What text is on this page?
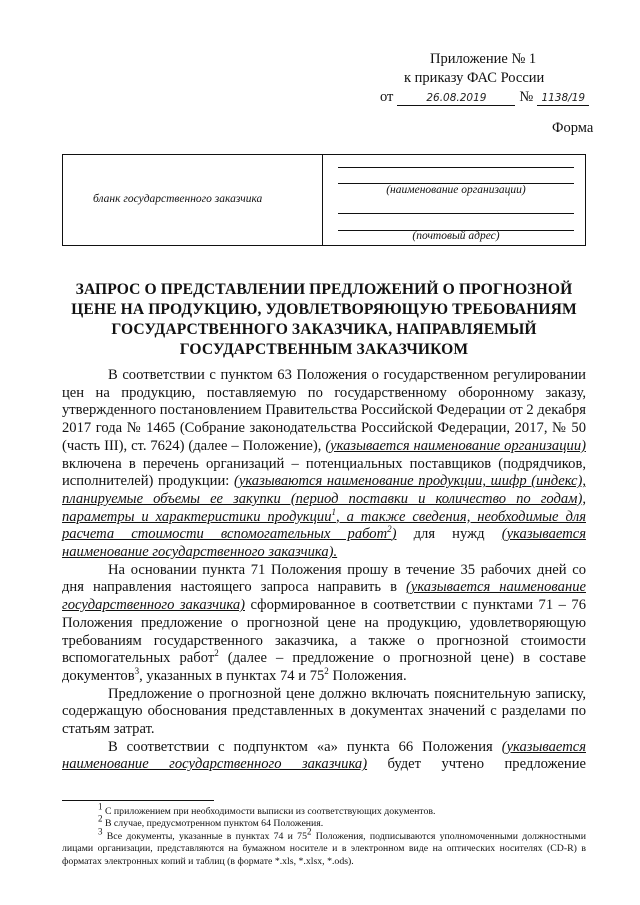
Приложение № 1
к приказу ФАС России
от	26.08.2019 № 1138/19
Форма
бланк государственного заказчика
(наименование организации)
(почтовый адрес)
ЗАПРОС О ПРЕДСТАВЛЕНИИ ПРЕДЛОЖЕНИЙ О ПРОГНОЗНОЙ
ЦЕНЕ НА ПРОДУКЦИЮ, УДОВЛЕТВОРЯЮЩУЮ ТРЕБОВАНИЯМ
ГОСУДАРСТВЕННОГО ЗАКАЗЧИКА, НАПРАВЛЯЕМЫЙ
ГОСУДАРСТВЕННЫМ ЗАКАЗЧИКОМ

В соответствии с пунктом 63 Положения о государственном регулировании цен на продукцию, поставляемую по государственному оборонному заказу, утвержденного постановлением Правительства Российской Федерации от 2 декабря 2017 года № 1465 (Собрание законодательства Российской Федерации, 2017, № 50 (часть III), ст. 7624) (далее – Положение), (указывается наименование организации) включена в перечень организаций – потенциальных поставщиков (подрядчиков, исполнителей) продукции: (указываются наименование продукции, шифр (индекс), планируемые объемы ее закупки (период поставки и количество по годам), параметры и характеристики продукции$^1$, а также сведения, необходимые для расчета стоимости вспомогательных работ$^2$) для нужд (указывается наименование государственного заказчика).

На основании пункта 71 Положения прошу в течение 35 рабочих дней со дня направления настоящего запроса направить в (указывается наименование государственного заказчика) сформированное в соответствии с пунктами 71 – 76 Положения предложение о прогнозной цене на продукцию, удовлетворяющую требованиям государственного заказчика, а также о прогнозной стоимости вспомогательных работ$^2$ (далее – предложение о прогнозной цене) в составе документов$^3$, указанных в пунктах 74 и $75^2$ Положения.

Предложение о прогнозной цене должно включать пояснительную записку, содержащую обоснования представленных в документах значений с разделами по статьям затрат.

В соответствии с подпунктом «а» пункта 66 Положения (указывается наименование государственного заказчика) будет учтено предложение

$^1$ С приложением при необходимости выписки из соответствующих документов.

$^2$ В случае, предусмотренном пунктом 64 Положения.

$^3$ Все документы, указанные в пунктах 74 и $75^2$ Положения, подписываются уполномоченными должностными лицами организации, представляются на бумажном носителе и в электронном виде на оптических носителях (CD-R) в форматах электронных копий и таблиц (в формате *.xls, *.xlsx, *.ods).
